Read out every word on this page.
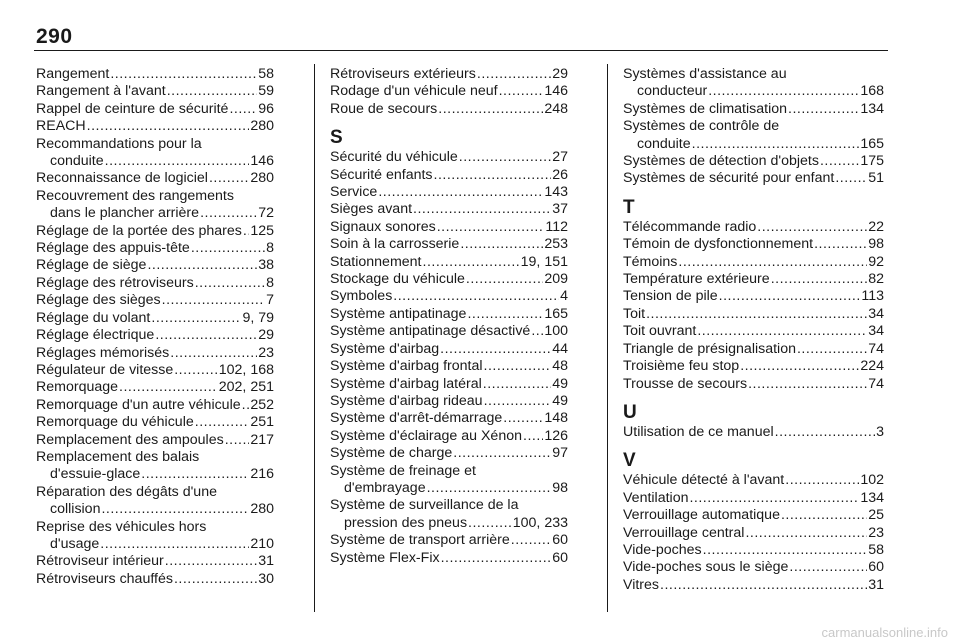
290
Rangement .....	58
Rangement à l'avant .....	59
Rappel de ceinture de sécurité ..... 96
REACH .....	280
Recommandations pour la
conduite .....	146
Reconnaissance de logiciel .....	280
Recouvrement des rangements
dans le plancher arrière .....	72
Réglage de la portée des phares ..... 125
Réglage des appuis-tête .....	8
Réglage de siège .....	38
Réglage des rétroviseurs .....	8
Réglage des sièges .....	7
Réglage du volant .....	9, 79
Réglage électrique .....	29
Réglages mémorisés .....	23
Régulateur de vitesse .....	102, 168
Remorquage .....	202, 251
Remorquage d'un autre véhicule ..... 252
Remorquage du véhicule .....	251
Remplacement des ampoules ..... 217
Remplacement des balais
d'essuie-glace .....	216
Réparation des dégâts d'une
collision .....	280
Reprise des véhicules hors
d'usage .....	210
Rétroviseur intérieur .....	31
Rétroviseurs chauffés .....	30
Rétroviseurs extérieurs .....	29
Rodage d'un véhicule neuf .....	146
Roue de secours .....	248
S
Sécurité du véhicule .....	27
Sécurité enfants .....	26
Service .....	143
Sièges avant .....	37
Signaux sonores .....	112
Soin à la carrosserie .....	253
Stationnement .....	19, 151
Stockage du véhicule .....	209
Symboles .....	4
Système antipatinage .....	165
Système antipatinage désactivé ..... 100
Système d'airbag .....	44
Système d'airbag frontal .....	48
Système d'airbag latéral .....	49
Système d'airbag rideau .....	49
Système d'arrêt-démarrage .....	148
Système d'éclairage au Xénon ..... 126
Système de charge .....	97
Système de freinage et
d'embrayage .....	98
Système de surveillance de la
pression des pneus .....	100, 233
Système de transport arrière .....	60
Système Flex-Fix .....	60
Systèmes d'assistance au
conducteur .....	168
Systèmes de climatisation .....	134
Systèmes de contrôle de
conduite .....	165
Systèmes de détection d'objets .....	175
Systèmes de sécurité pour enfant ..... 51
T
Télécommande radio .....	22
Témoin de dysfonctionnement .....	98
Témoins .....	92
Température extérieure .....	82
Tension de pile .....	113
Toit .....	34
Toit ouvrant .....	34
Triangle de présignalisation .....	74
Troisième feu stop .....	224
Trousse de secours .....	74
U
Utilisation de ce manuel .....	3
V
Véhicule détecté à l'avant .....	102
Ventilation .....	134
Verrouillage automatique .....	25
Verrouillage central .....	23
Vide-poches .....	58
Vide-poches sous le siège .....	60
Vitres .....	31
carmanualsonline.info
